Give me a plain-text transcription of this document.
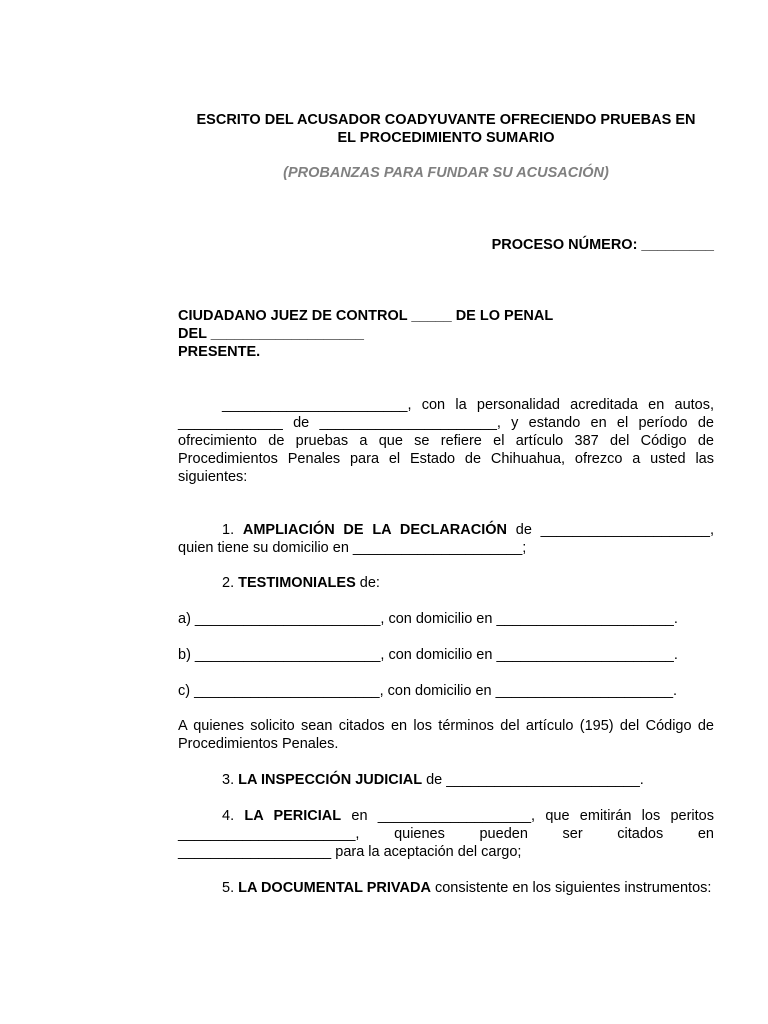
ESCRITO DEL ACUSADOR COADYUVANTE OFRECIENDO PRUEBAS EN
EL PROCEDIMIENTO SUMARIO
(PROBANZAS PARA FUNDAR SU ACUSACIÓN)
PROCESO NÚMERO: _________
CIUDADANO JUEZ DE CONTROL _____ DE LO PENAL
DEL ___________________
PRESENTE.
_______________________, con la personalidad acreditada en autos, _____________ de ______________________, y estando en el período de ofrecimiento de pruebas a que se refiere el artículo 387 del Código de Procedimientos Penales para el Estado de Chihuahua, ofrezco a usted las siguientes:
1. AMPLIACIÓN DE LA DECLARACIÓN de _____________________, quien tiene su domicilio en _____________________;
2. TESTIMONIALES de:
a) _______________________, con domicilio en ______________________.
b) _______________________, con domicilio en ______________________.
c) _______________________, con domicilio en ______________________.
A quienes solicito sean citados en los términos del artículo (195) del Código de Procedimientos Penales.
3. LA INSPECCIÓN JUDICIAL de ________________________.
4. LA PERICIAL en ___________________, que emitirán los peritos ______________________, quienes pueden ser citados en ___________________ para la aceptación del cargo;
5. LA DOCUMENTAL PRIVADA consistente en los siguientes instrumentos:
